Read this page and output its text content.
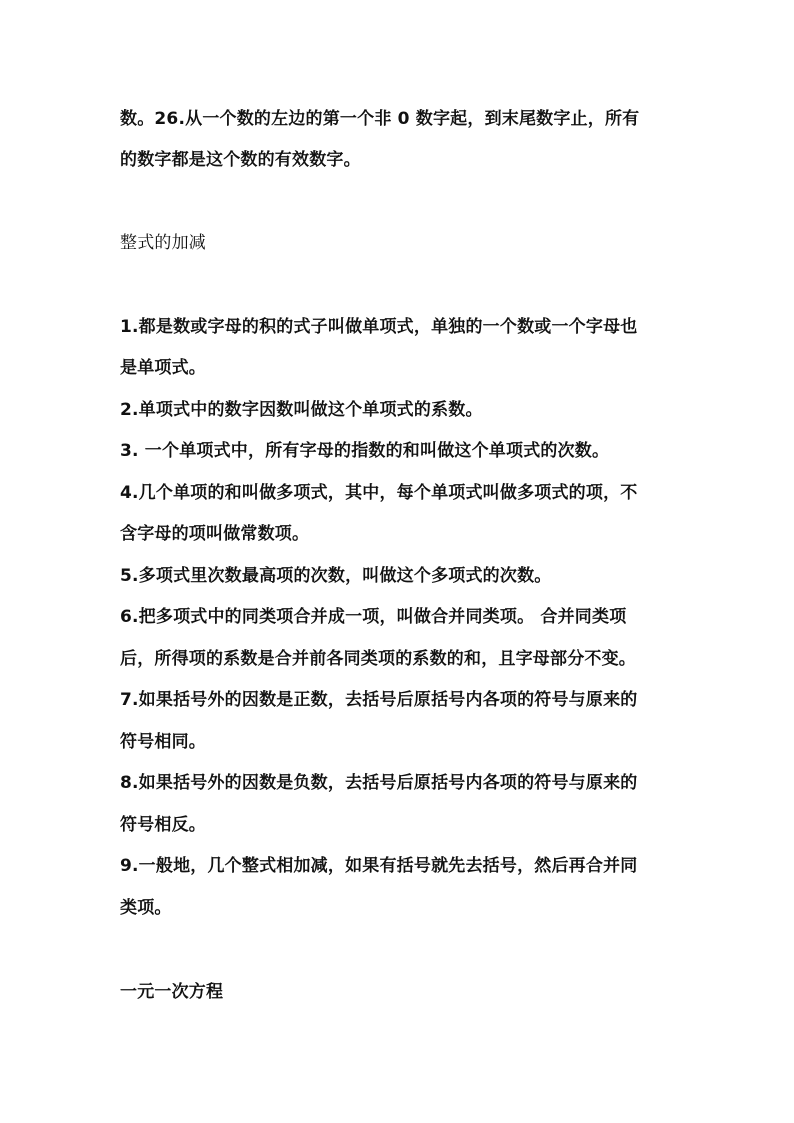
数。26.从一个数的左边的第一个非 0 数字起，到末尾数字止，所有
的数字都是这个数的有效数字。
整式的加减
1.都是数或字母的积的式子叫做单项式，单独的一个数或一个字母也
是单项式。
2.单项式中的数字因数叫做这个单项式的系数。
3. 一个单项式中，所有字母的指数的和叫做这个单项式的次数。
4.几个单项的和叫做多项式，其中，每个单项式叫做多项式的项，不
含字母的项叫做常数项。
5.多项式里次数最高项的次数，叫做这个多项式的次数。
6.把多项式中的同类项合并成一项，叫做合并同类项。 合并同类项
后，所得项的系数是合并前各同类项的系数的和，且字母部分不变。
7.如果括号外的因数是正数，去括号后原括号内各项的符号与原来的
符号相同。
8.如果括号外的因数是负数，去括号后原括号内各项的符号与原来的
符号相反。
9.一般地，几个整式相加减，如果有括号就先去括号，然后再合并同
类项。
一元一次方程
